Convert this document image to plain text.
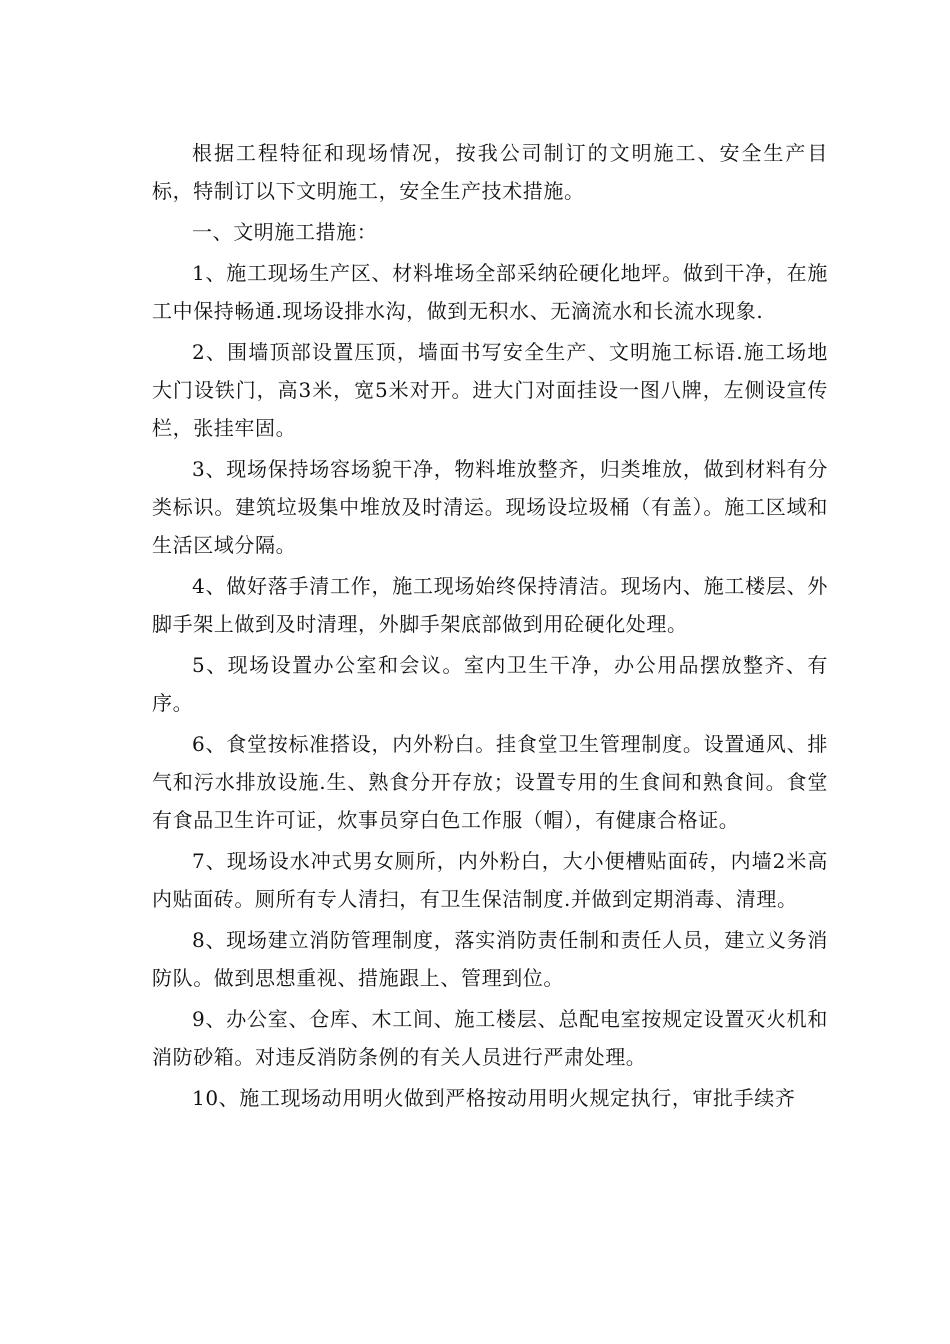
根据工程特征和现场情况，按我公司制订的文明施工、安全生产目标，特制订以下文明施工，安全生产技术措施。

一、文明施工措施：

1、施工现场生产区、材料堆场全部采纳砼硬化地坪。做到干净，在施工中保持畅通.现场设排水沟，做到无积水、无滴流水和长流水现象.

2、围墙顶部设置压顶，墙面书写安全生产、文明施工标语.施工场地大门设铁门，高3米，宽5米对开。进大门对面挂设一图八牌，左侧设宣传栏，张挂牢固。

3、现场保持场容场貌干净，物料堆放整齐，归类堆放，做到材料有分类标识。建筑垃圾集中堆放及时清运。现场设垃圾桶（有盖）。施工区域和生活区域分隔。

4、做好落手清工作，施工现场始终保持清洁。现场内、施工楼层、外脚手架上做到及时清理，外脚手架底部做到用砼硬化处理。

5、现场设置办公室和会议。室内卫生干净，办公用品摆放整齐、有序。

6、食堂按标准搭设，内外粉白。挂食堂卫生管理制度。设置通风、排气和污水排放设施.生、熟食分开存放；设置专用的生食间和熟食间。食堂有食品卫生许可证，炊事员穿白色工作服（帽），有健康合格证。

7、现场设水冲式男女厕所，内外粉白，大小便槽贴面砖，内墙2米高内贴面砖。厕所有专人清扫，有卫生保洁制度.并做到定期消毒、清理。

8、现场建立消防管理制度，落实消防责任制和责任人员，建立义务消防队。做到思想重视、措施跟上、管理到位。

9、办公室、仓库、木工间、施工楼层、总配电室按规定设置灭火机和消防砂箱。对违反消防条例的有关人员进行严肃处理。

10、施工现场动用明火做到严格按动用明火规定执行，审批手续齐
